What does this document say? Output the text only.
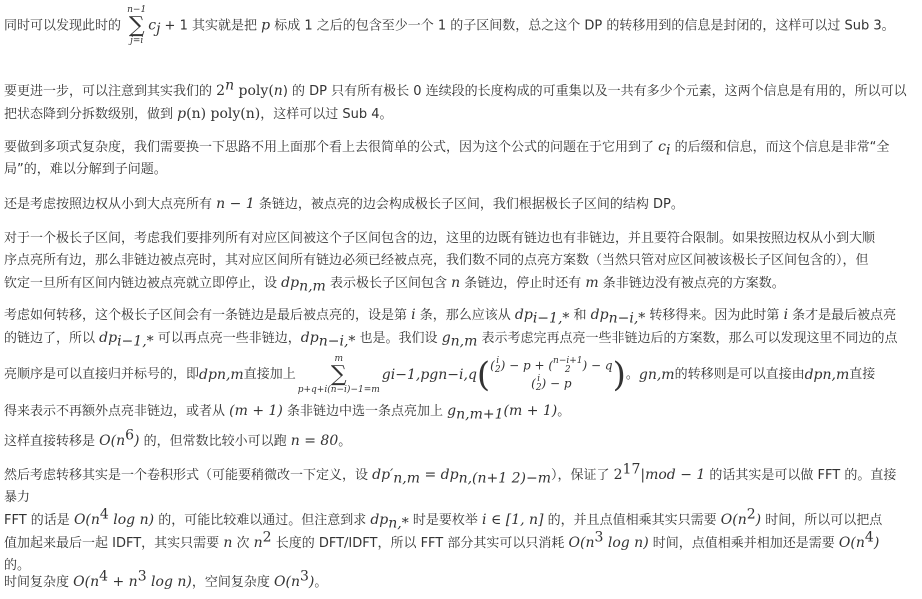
同时可以发现此时的
n−1
∑
j=i
$c_j + 1$ 其实就是把 p 标成 1 之后的包含至少一个 1 的子区间数，总之这个 DP 的转移用到的信息是封闭的，这样可以过 Sub 3。
要更进一步，可以注意到其实我们的 2$^n$ poly(n) 的 DP 只有所有极长 0 连续段的长度构成的可重集以及一共有多少个元素，这两个信息是有用的，所以可以把状态降到分拆数级别，做到 p(n) poly(n)，这样可以过 Sub 4。
要做到多项式复杂度，我们需要换一下思路不用上面那个看上去很简单的公式，因为这个公式的问题在于它用到了 $c_i$ 的后缀和信息，而这个信息是非常“全局”的，难以分解到子问题。
还是考虑按照边权从小到大点亮所有 n − 1 条链边，被点亮的边会构成极长子区间，我们根据极长子区间的结构 DP。
对于一个极长子区间，考虑我们要排列所有对应区间被这个子区间包含的边，这里的边既有链边也有非链边，并且要符合限制。如果按照边权从小到大顺
序点亮所有边，那么非链边被点亮时，其对应区间所有链边必须已经被点亮，我们数不同的点亮方案数（当然只管对应区间被该极长子区间包含的），但
钦定一旦所有区间内链边被点亮就立即停止，设 $dp_{n,m}$ 表示极长子区间包含 n 条链边，停止时还有 m 条非链边没有被点亮的方案数。
考虑如何转移，这个极长子区间会有一条链边是最后被点亮的，设是第 i 条，那么应该从 $dp_{i-1,*}$ 和 $dp_{n-i,*}$ 转移得来。因为此时第 i 条才是最后被点亮
的链边了，所以 $dp_{i-1,*}$ 可以再点亮一些非链边，$dp_{n-i,*}$ 也是。我们设 $g_{n,m}$ 表示考虑完再点亮一些非链边后的方案数，那么可以发现这里不同边的点
亮顺序是可以直接归并标号的，即 dp n,m 直接加上
m
∑
p+q+i(n−i)−1=m
g i−1,p g n−i,q ( ( i
2 ) − p + ( n−i+1
2 ) − q
( i
2 ) − p ) 。 g n,m 的转移则是可以直接由 dp n,m 直接
得来表示不再额外点亮非链边，或者从 (m + 1) 条非链边中选一条点亮加上 $g_{n,m+1}(m + 1)$。
这样直接转移是 $O(n^6)$ 的，但常数比较小可以跑 n = 80。
然后考虑转移其实是一个卷积形式（可能要稍微改一下定义，设 $dp'_{n,m} = dp_{n,(n+1 2)-m}$），保证了 $2^{17}|mod - 1$ 的话其实是可以做 FFT 的。直接暴力
FFT 的话是 $O(n^4$ log n) 的，可能比较难以通过。但注意到求 $dp_{n,*}$ 时是要枚举 i ∈ [1, n] 的，并且点值相乘其实只需要 $O(n^2)$ 时间，所以可以把点
值加起来最后一起 IDFT，其实只需要 n 次 $n^2$ 长度的 DFT/IDFT，所以 FFT 部分其实可以只消耗 $O(n^3$ log n) 时间，点值相乘并相加还是需要 $O(n^4)$
的。
时间复杂度 $O(n^4 + n^3$ log n)，空间复杂度 $O(n^3)$。
